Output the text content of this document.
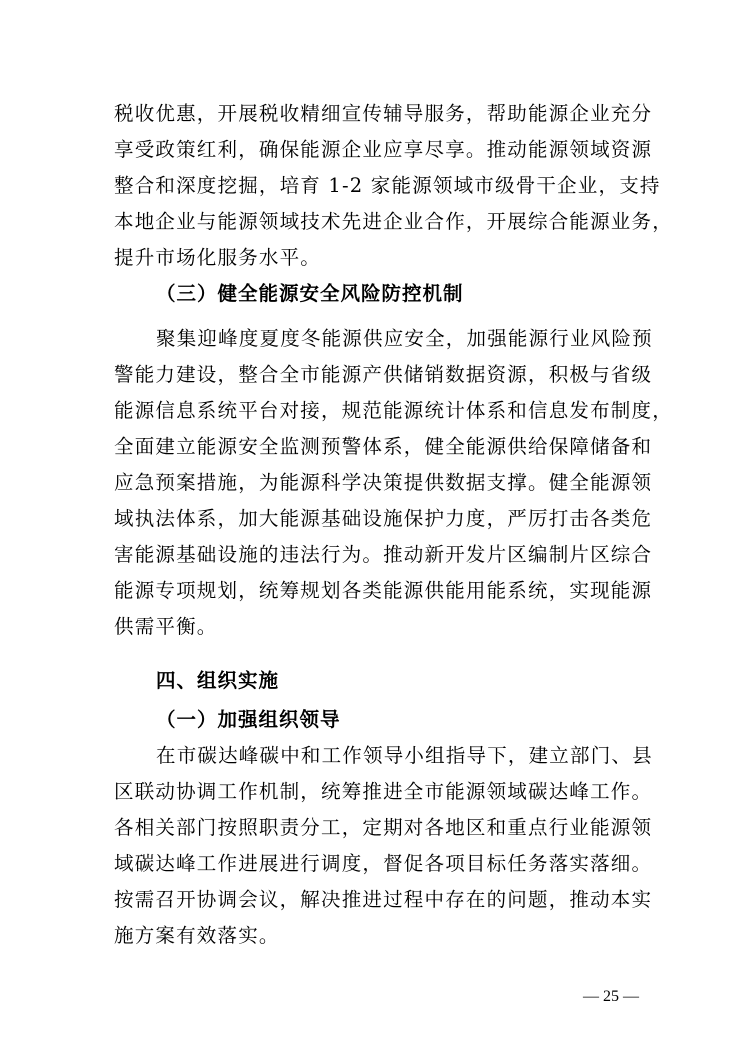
税收优惠，开展税收精细宣传辅导服务，帮助能源企业充分
享受政策红利，确保能源企业应享尽享。推动能源领域资源
整合和深度挖掘，培育 1-2 家能源领域市级骨干企业，支持
本地企业与能源领域技术先进企业合作，开展综合能源业务，
提升市场化服务水平。
（三）健全能源安全风险防控机制
聚集迎峰度夏度冬能源供应安全，加强能源行业风险预
警能力建设，整合全市能源产供储销数据资源，积极与省级
能源信息系统平台对接，规范能源统计体系和信息发布制度，
全面建立能源安全监测预警体系，健全能源供给保障储备和
应急预案措施，为能源科学决策提供数据支撑。健全能源领
域执法体系，加大能源基础设施保护力度，严厉打击各类危
害能源基础设施的违法行为。推动新开发片区编制片区综合
能源专项规划，统筹规划各类能源供能用能系统，实现能源
供需平衡。
四、组织实施
（一）加强组织领导
在市碳达峰碳中和工作领导小组指导下，建立部门、县
区联动协调工作机制，统筹推进全市能源领域碳达峰工作。
各相关部门按照职责分工，定期对各地区和重点行业能源领
域碳达峰工作进展进行调度，督促各项目标任务落实落细。
按需召开协调会议，解决推进过程中存在的问题，推动本实
施方案有效落实。
— 25 —
